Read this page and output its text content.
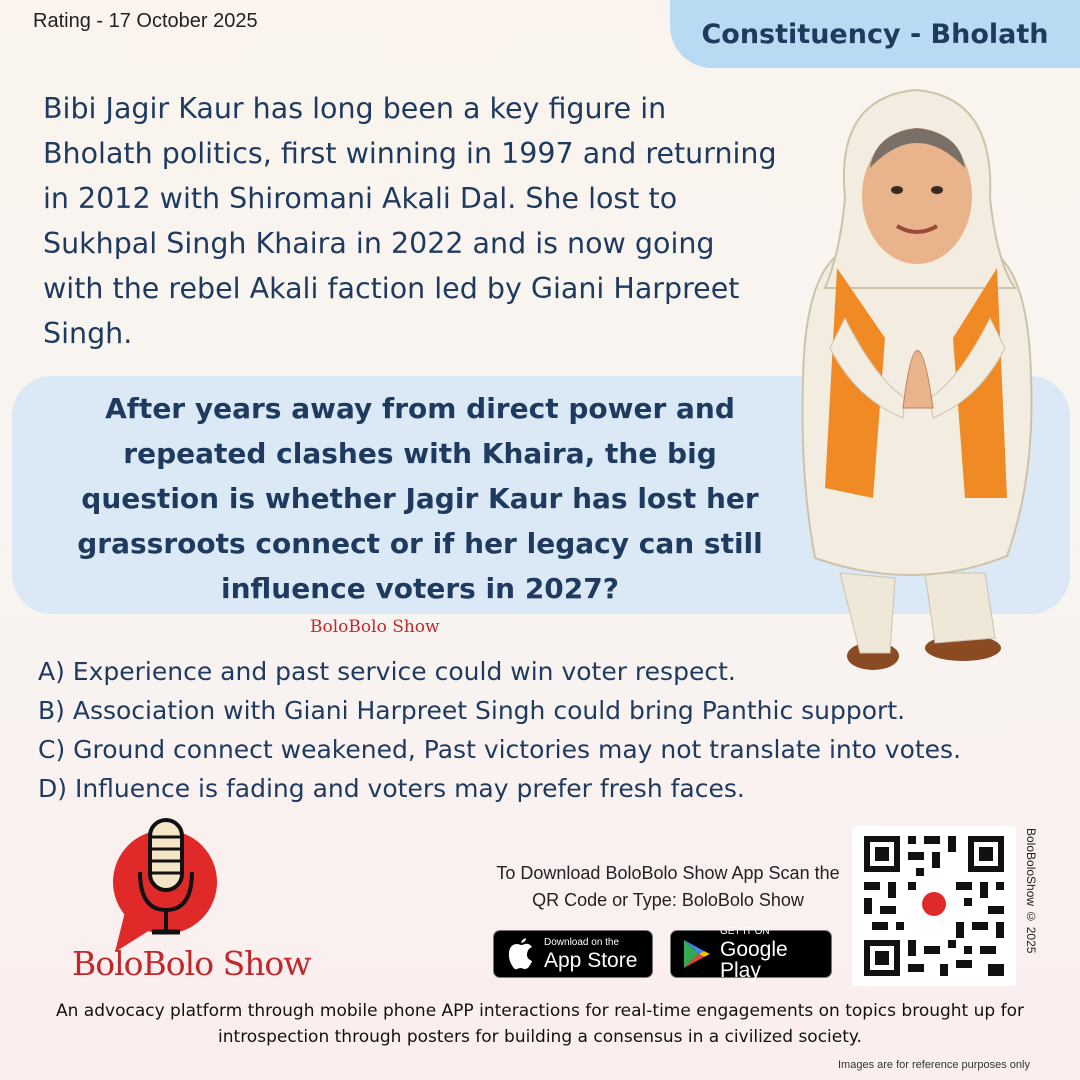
Rating - 17 October 2025	Constituency - Bholath

Bibi Jagir Kaur has long been a key figure in Bholath politics, first winning in 1997 and returning in 2012 with Shiromani Akali Dal. She lost to Sukhpal Singh Khaira in 2022 and is now going with the rebel Akali faction led by Giani Harpreet Singh.

After years away from direct power and repeated clashes with Khaira, the big question is whether Jagir Kaur has lost her grassroots connect or if her legacy can still influence voters in 2027?

BoloBolo Show
A) Experience and past service could win voter respect.
B) Association with Giani Harpreet Singh could bring Panthic support.
C) Ground connect weakened, Past victories may not translate into votes.
D) Influence is fading and voters may prefer fresh faces.
BoloBolo Show

To Download BoloBolo Show App Scan the QR Code or Type: BoloBolo Show

Download on the
App Store
GET IT ON
Google Play
BoloBoloShow © 2025

An advocacy platform through mobile phone APP interactions for real-time engagements on topics brought up for introspection through posters for building a consensus in a civilized society.

Images are for reference purposes only
